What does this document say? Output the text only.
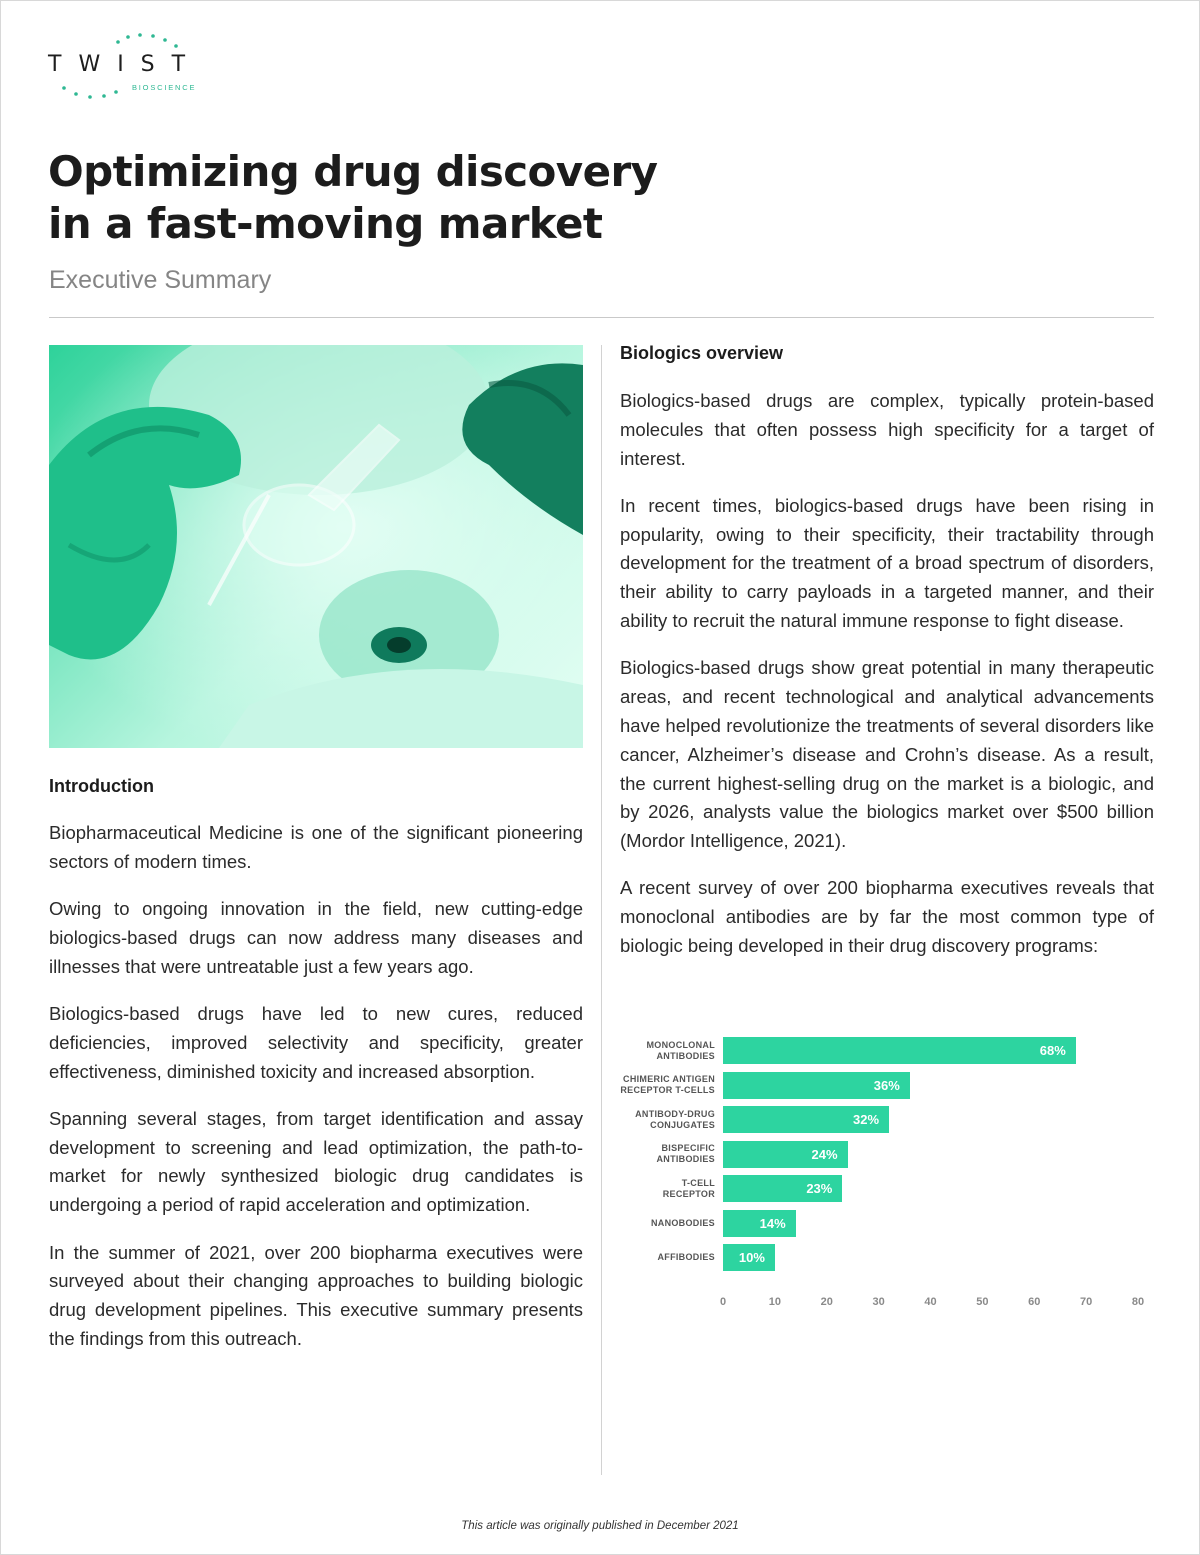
TWIST
BIOSCIENCE
Optimizing drug discovery
in a fast-moving market
Executive Summary
Introduction

Biopharmaceutical Medicine is one of the significant pioneering sectors of modern times.

Owing to ongoing innovation in the field, new cutting-edge biologics-based drugs can now address many diseases and illnesses that were untreatable just a few years ago.

Biologics-based drugs have led to new cures, reduced deficiencies, improved selectivity and specificity, greater effectiveness, diminished toxicity and increased absorption.

Spanning several stages, from target identification and assay development to screening and lead optimization, the path-to-market for newly synthesized biologic drug candidates is undergoing a period of rapid acceleration and optimization.

In the summer of 2021, over 200 biopharma executives were surveyed about their changing approaches to building biologic drug development pipelines. This executive summary presents the findings from this outreach.

Biologics overview

Biologics-based drugs are complex, typically protein-based molecules that often possess high specificity for a target of interest.

In recent times, biologics-based drugs have been rising in popularity, owing to their specificity, their tractability through development for the treatment of a broad spectrum of disorders, their ability to carry payloads in a targeted manner, and their ability to recruit the natural immune response to fight disease.

Biologics-based drugs show great potential in many therapeutic areas, and recent technological and analytical advancements have helped revolutionize the treatments of several disorders like cancer, Alzheimer’s disease and Crohn’s disease. As a result, the current highest-selling drug on the market is a biologic, and by 2026, analysts value the biologics market over $500 billion (Mordor Intelligence, 2021).

A recent survey of over 200 biopharma executives reveals that monoclonal antibodies are by far the most common type of biologic being developed in their drug discovery programs:

MONOCLONAL
ANTIBODIES	68%
CHIMERIC ANTIGEN
RECEPTOR T-CELLS	36%
ANTIBODY-DRUG
CONJUGATES	32%
BISPECIFIC
ANTIBODIES	24%
T-CELL
RECEPTOR	23%
NANOBODIES	14%
AFFIBODIES 10%
0	10	20	30	40	50	60	70	80
This article was originally published in December 2021
